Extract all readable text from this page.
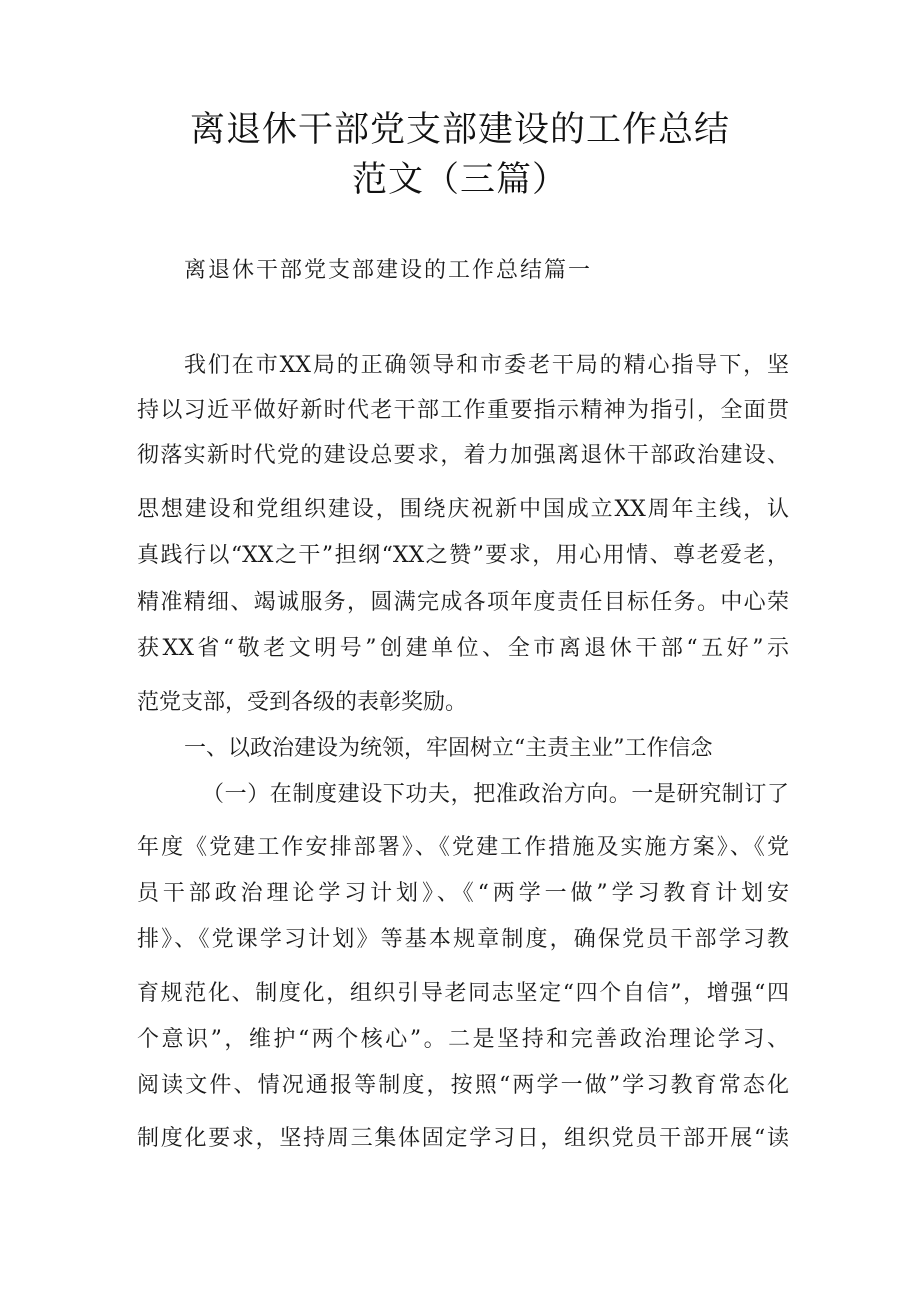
离退休干部党支部建设的工作总结
范文（三篇）
离退休干部党支部建设的工作总结篇一
我们在市XX局的正确领导和市委老干局的精心指导下，坚
持以习近平做好新时代老干部工作重要指示精神为指引，全面贯
彻落实新时代党的建设总要求，着力加强离退休干部政治建设、
思想建设和党组织建设，围绕庆祝新中国成立XX周年主线，认
真践行以“XX之干”担纲“XX之赞”要求，用心用情、尊老爱老，
精准精细、竭诚服务，圆满完成各项年度责任目标任务。中心荣
获XX省“敬老文明号”创建单位、全市离退休干部“五好”示
范党支部，受到各级的表彰奖励。
一、以政治建设为统领，牢固树立“主责主业”工作信念
（一）在制度建设下功夫，把准政治方向。一是研究制订了
年度《党建工作安排部署》、《党建工作措施及实施方案》、《党
员干部政治理论学习计划》、《“两学一做”学习教育计划安
排》、《党课学习计划》等基本规章制度，确保党员干部学习教
育规范化、制度化，组织引导老同志坚定“四个自信”，增强“四
个意识”，维护“两个核心”。二是坚持和完善政治理论学习、
阅读文件、情况通报等制度，按照“两学一做”学习教育常态化
制度化要求，坚持周三集体固定学习日，组织党员干部开展“读
